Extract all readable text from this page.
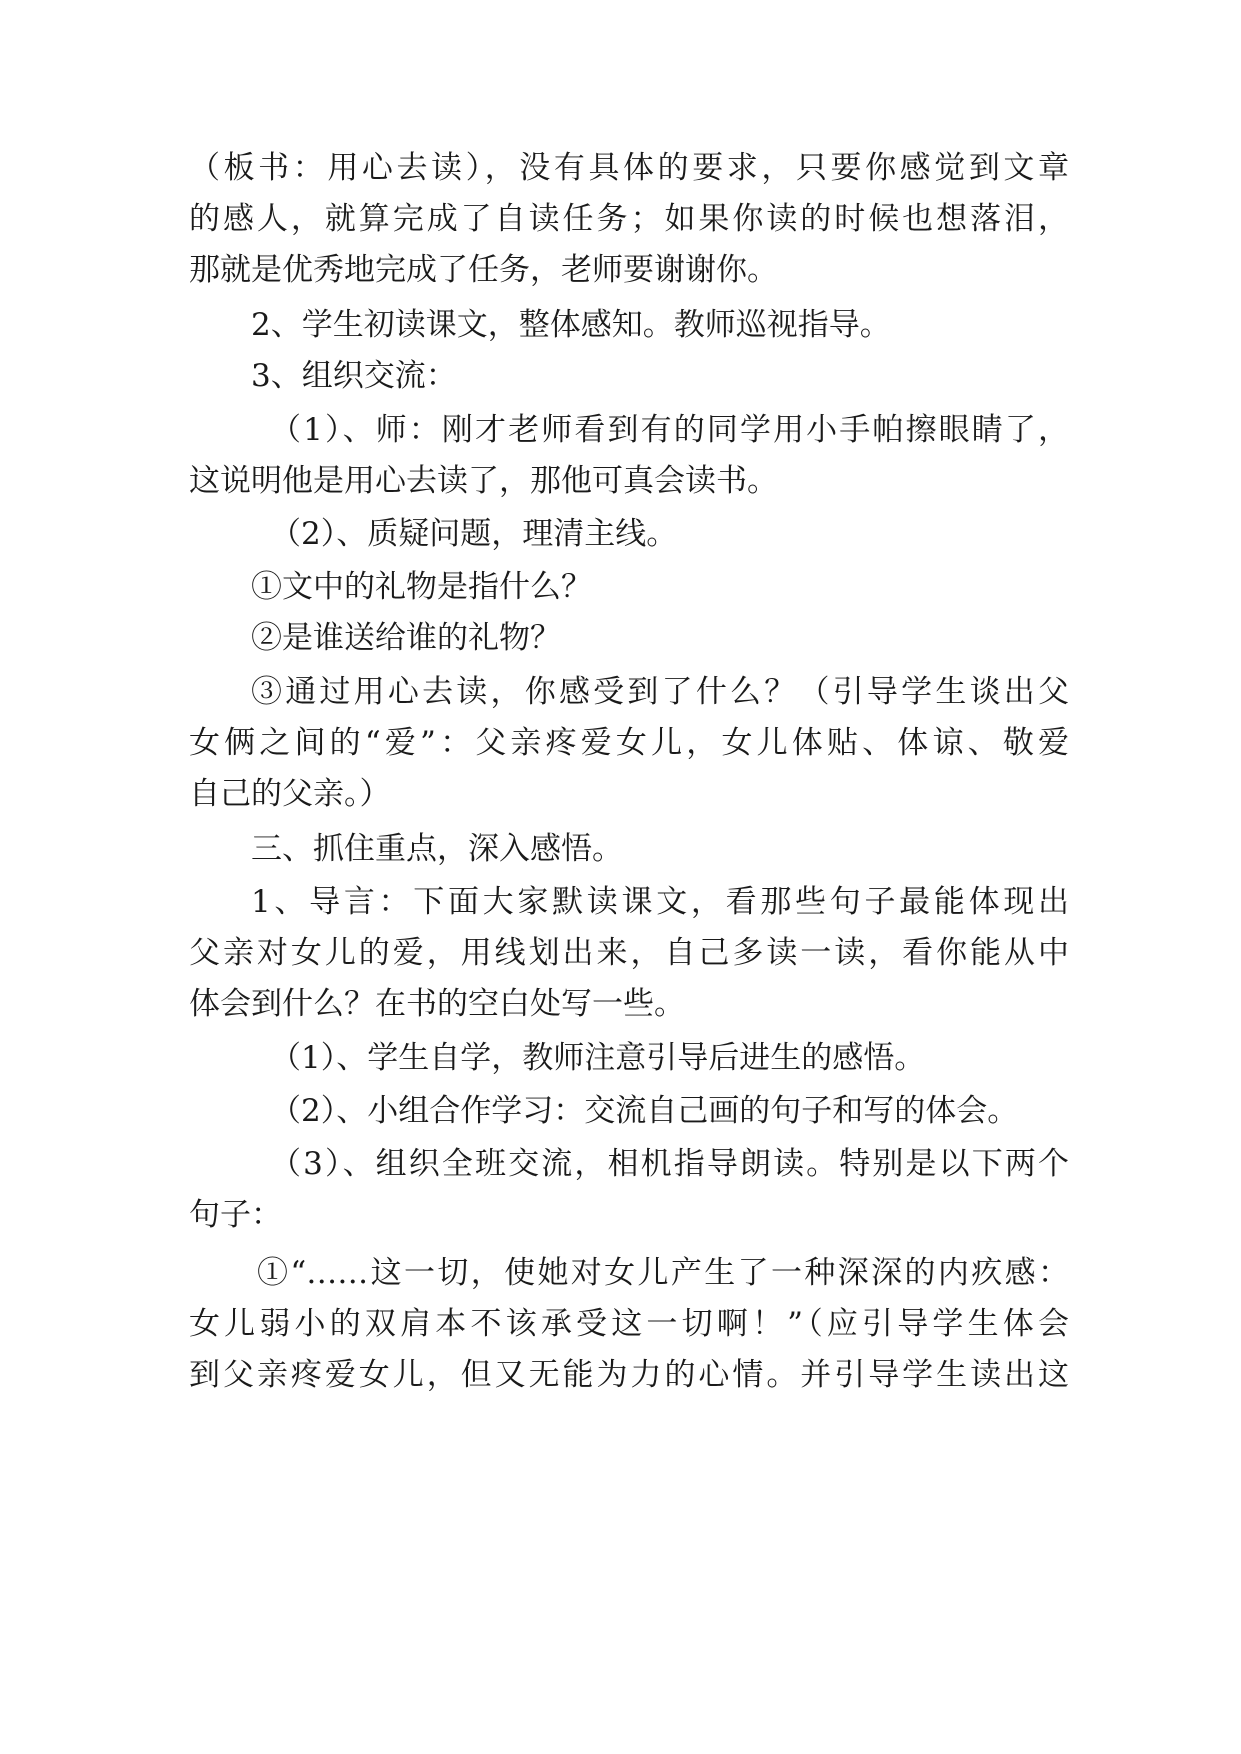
（板书：用心去读），没有具体的要求，只要你感觉到文章
的感人，就算完成了自读任务；如果你读的时候也想落泪，
那就是优秀地完成了任务，老师要谢谢你。
2、学生初读课文，整体感知。教师巡视指导。
3、组织交流：
（1）、师：刚才老师看到有的同学用小手帕擦眼睛了，
这说明他是用心去读了，那他可真会读书。
（2）、质疑问题，理清主线。
①文中的礼物是指什么？
②是谁送给谁的礼物？
③通过用心去读，你感受到了什么？（引导学生谈出父
女俩之间的“爱”：父亲疼爱女儿，女儿体贴、体谅、敬爱
自己的父亲。）
三、抓住重点，深入感悟。
1、导言：下面大家默读课文，看那些句子最能体现出
父亲对女儿的爱，用线划出来，自己多读一读，看你能从中
体会到什么？在书的空白处写一些。
（1）、学生自学，教师注意引导后进生的感悟。
（2）、小组合作学习：交流自己画的句子和写的体会。
（3）、组织全班交流，相机指导朗读。特别是以下两个
句子：
①“……这一切，使她对女儿产生了一种深深的内疚感：
女儿弱小的双肩本不该承受这一切啊！”（应引导学生体会
到父亲疼爱女儿，但又无能为力的心情。并引导学生读出这
